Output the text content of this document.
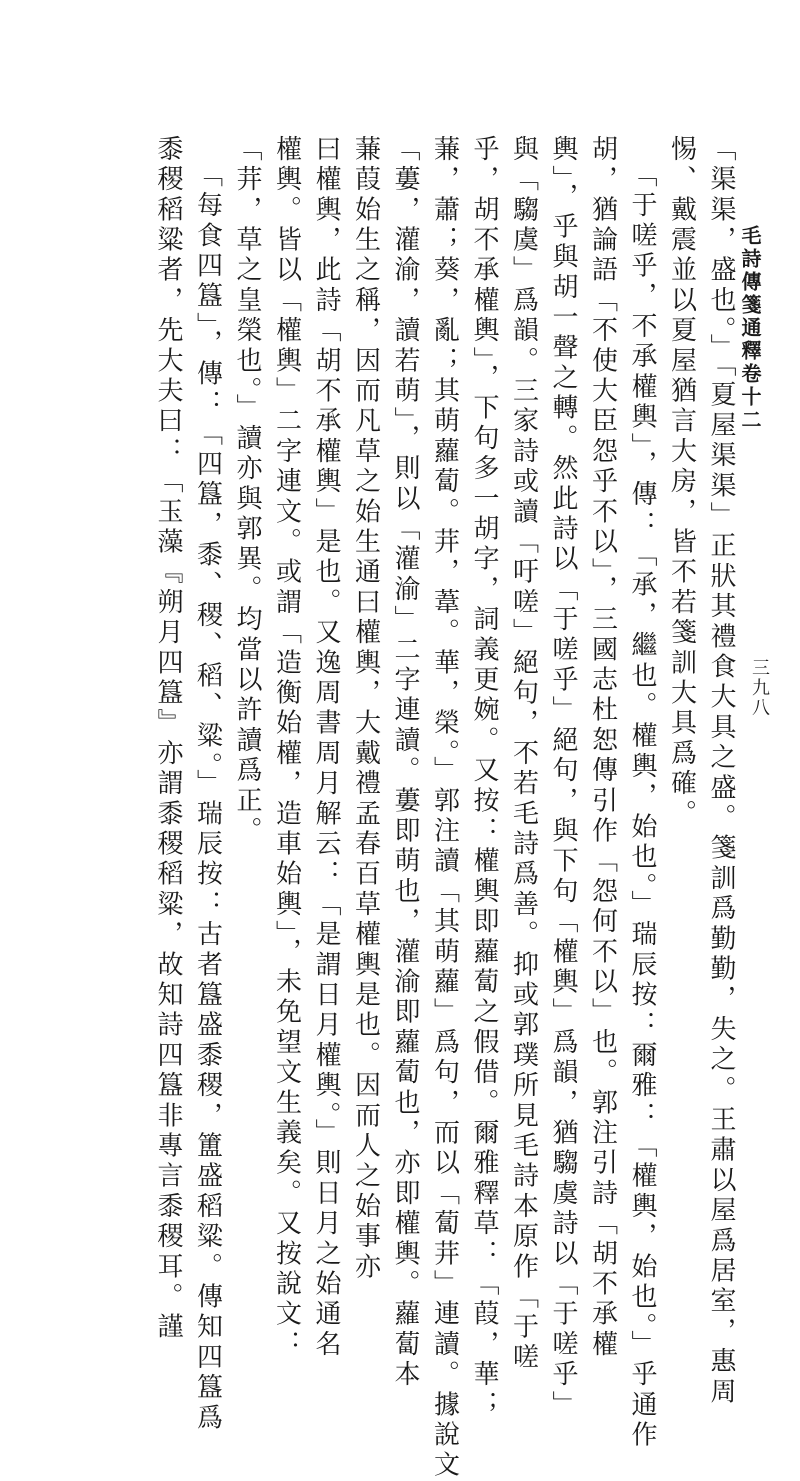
毛詩傳箋通釋卷十二
三九八
「渠渠，盛也。」「夏屋渠渠」正狀其禮食大具之盛。箋訓爲勤勤，失之。王肅以屋爲居室，惠周
惕、戴震並以夏屋猶言大房，皆不若箋訓大具爲確。
「于嗟乎，不承權輿」，傳：「承，繼也。權輿，始也。」瑞辰按：爾雅：「權輿，始也。」乎通作
胡，猶論語「不使大臣怨乎不以」，三國志杜恕傳引作「怨何不以」也。郭注引詩「胡不承權
輿」，乎與胡一聲之轉。然此詩以「于嗟乎」絕句，與下句「權輿」爲韻，猶騶虞詩以「于嗟乎」
與「騶虞」爲韻。三家詩或讀「吁嗟」絕句，不若毛詩爲善。抑或郭璞所見毛詩本原作「于嗟
乎，胡不承權輿」，下句多一胡字，詞義更婉。又按：權輿即蘿蔔之假借。爾雅釋草：「葭，華；
蒹，蕭；葵，亂；其萌蘿蔔。茾，葦。華，榮。」郭注讀「其萌蘿」爲句，而以「蔔茾」連讀。據說文
「蔞，灌渝，讀若萌」，則以「灌渝」二字連讀。蔞即萌也，灌渝即蘿蔔也，亦即權輿。蘿蔔本
蒹葭始生之稱，因而凡草之始生通曰權輿，大戴禮孟春百草權輿是也。因而人之始事亦
曰權輿，此詩「胡不承權輿」是也。又逸周書周月解云：「是謂日月權輿。」則日月之始通名
權輿。皆以「權輿」二字連文。或謂「造衡始權，造車始輿」，未免望文生義矣。又按說文：
「茾，草之皇榮也。」讀亦與郭異。均當以許讀爲正。
「每食四簋」，傳：「四簋，黍、稷、稻、粱。」瑞辰按：古者簋盛黍稷，簠盛稻粱。傳知四簋爲
黍稷稻粱者，先大夫曰：「玉藻『朔月四簋』亦謂黍稷稻粱，故知詩四簋非專言黍稷耳。謹
